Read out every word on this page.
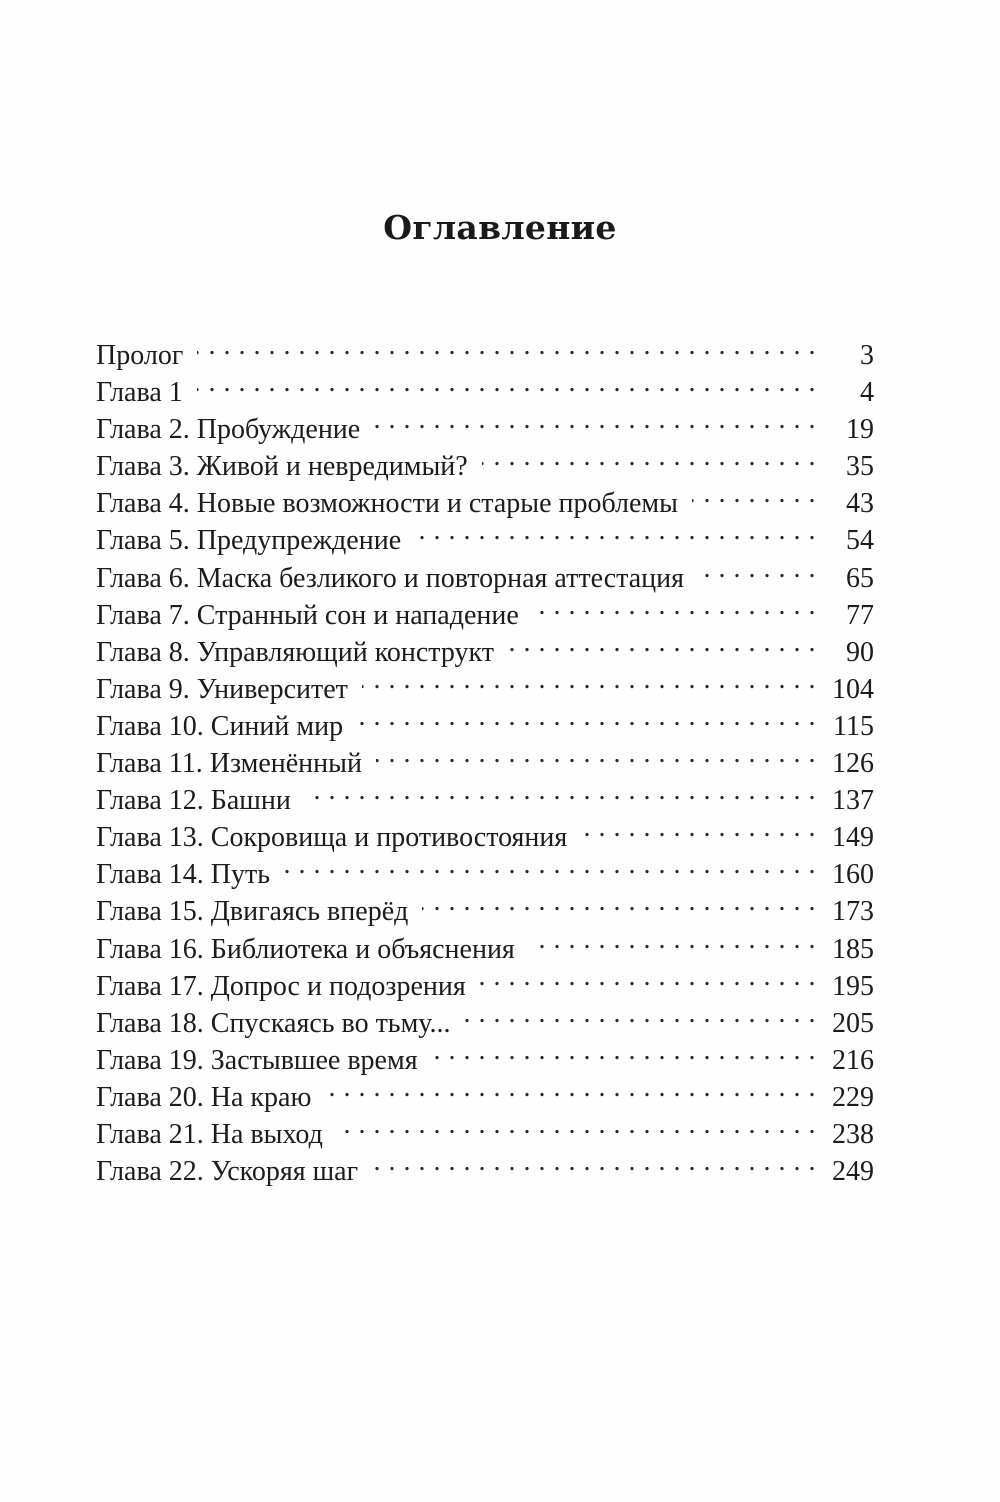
Оглавление
Пролог . . .	3
Глава 1 . . .	4
Глава 2. Пробуждение . . .	19
Глава 3. Живой и невредимый? . . .	35
Глава 4. Новые возможности и старые проблемы . . .	43
Глава 5. Предупреждение . . .	54
Глава 6. Маска безликого и повторная аттестация . . .	65
Глава 7. Странный сон и нападение . . .	77
Глава 8. Управляющий конструкт . . .	90
Глава 9. Университет . . .	104
Глава 10. Синий мир . . .	115
Глава 11. Изменённый . . .	126
Глава 12. Башни . . .	137
Глава 13. Сокровища и противостояния . . .	149
Глава 14. Путь . . .	160
Глава 15. Двигаясь вперёд . . .	173
Глава 16. Библиотека и объяснения . . .	185
Глава 17. Допрос и подозрения . . .	195
Глава 18. Спускаясь во тьму... . . .	205
Глава 19. Застывшее время . . .	216
Глава 20. На краю . . .	229
Глава 21. На выход . . .	238
Глава 22. Ускоряя шаг . . .	249
